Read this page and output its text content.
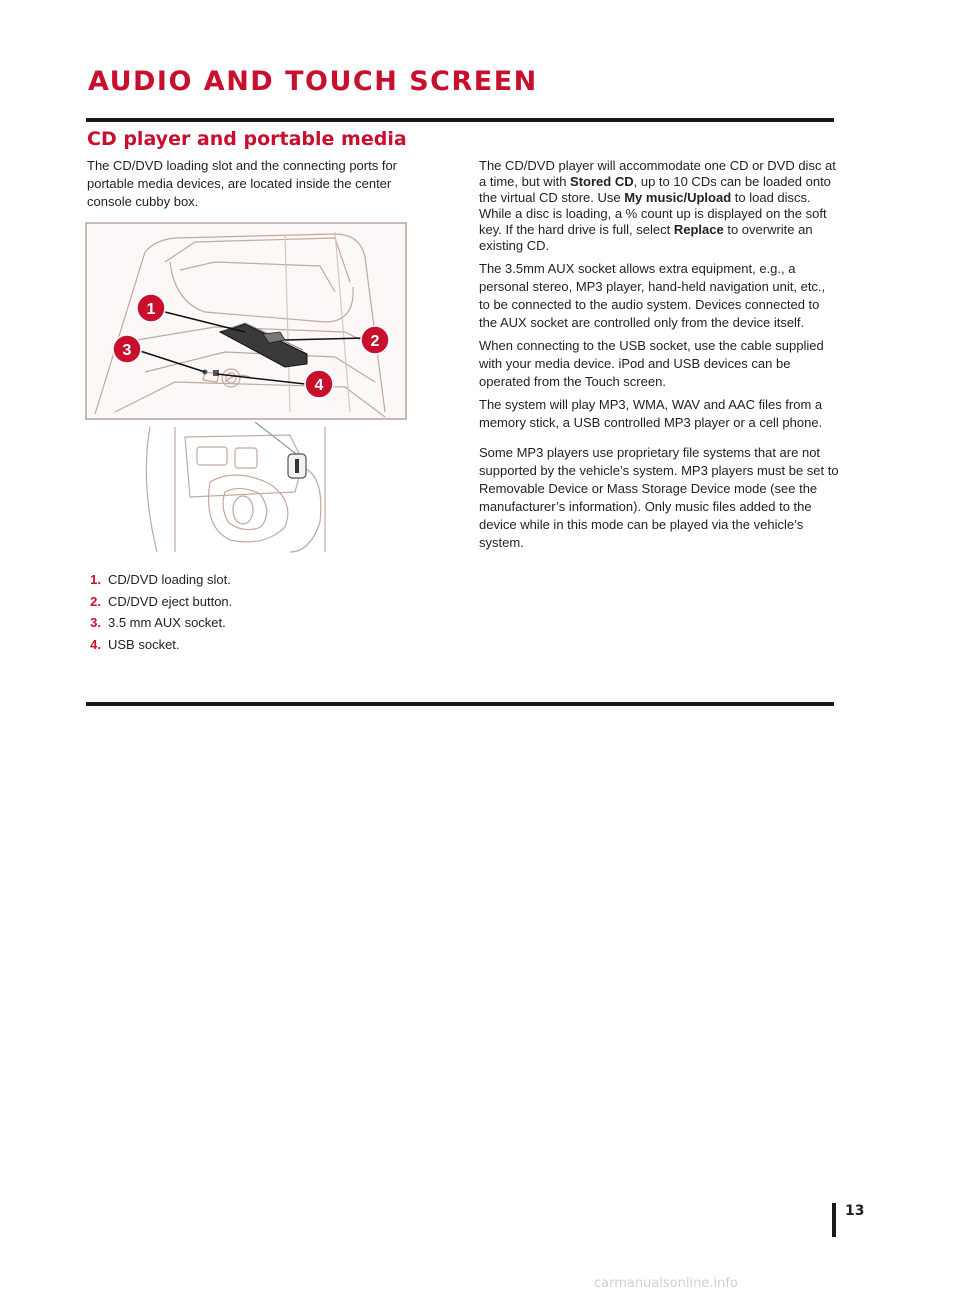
AUDIO AND TOUCH SCREEN
CD player and portable media

The CD/DVD loading slot and the connecting ports for portable media devices, are located inside the center console cubby box.

1
2
3
4
1. CD/DVD loading slot.
2. CD/DVD eject button.
3. 3.5 mm AUX socket.
4. USB socket.

The CD/DVD player will accommodate one CD or DVD disc at a time, but with Stored CD, up to 10 CDs can be loaded onto the virtual CD store. Use My music/Upload to load discs. While a disc is loading, a % count up is displayed on the soft key. If the hard drive is full, select Replace to overwrite an existing CD.

The 3.5mm AUX socket allows extra equipment, e.g., a personal stereo, MP3 player, hand-held navigation unit, etc., to be connected to the audio system. Devices connected to the AUX socket are controlled only from the device itself.

When connecting to the USB socket, use the cable supplied with your media device. iPod and USB devices can be operated from the Touch screen.

The system will play MP3, WMA, WAV and AAC files from a memory stick, a USB controlled MP3 player or a cell phone.

Some MP3 players use proprietary file systems that are not supported by the vehicle’s system. MP3 players must be set to Removable Device or Mass Storage Device mode (see the manufacturer’s information). Only music files added to the device while in this mode can be played via the vehicle’s system.

13
carmanualsonline.info
